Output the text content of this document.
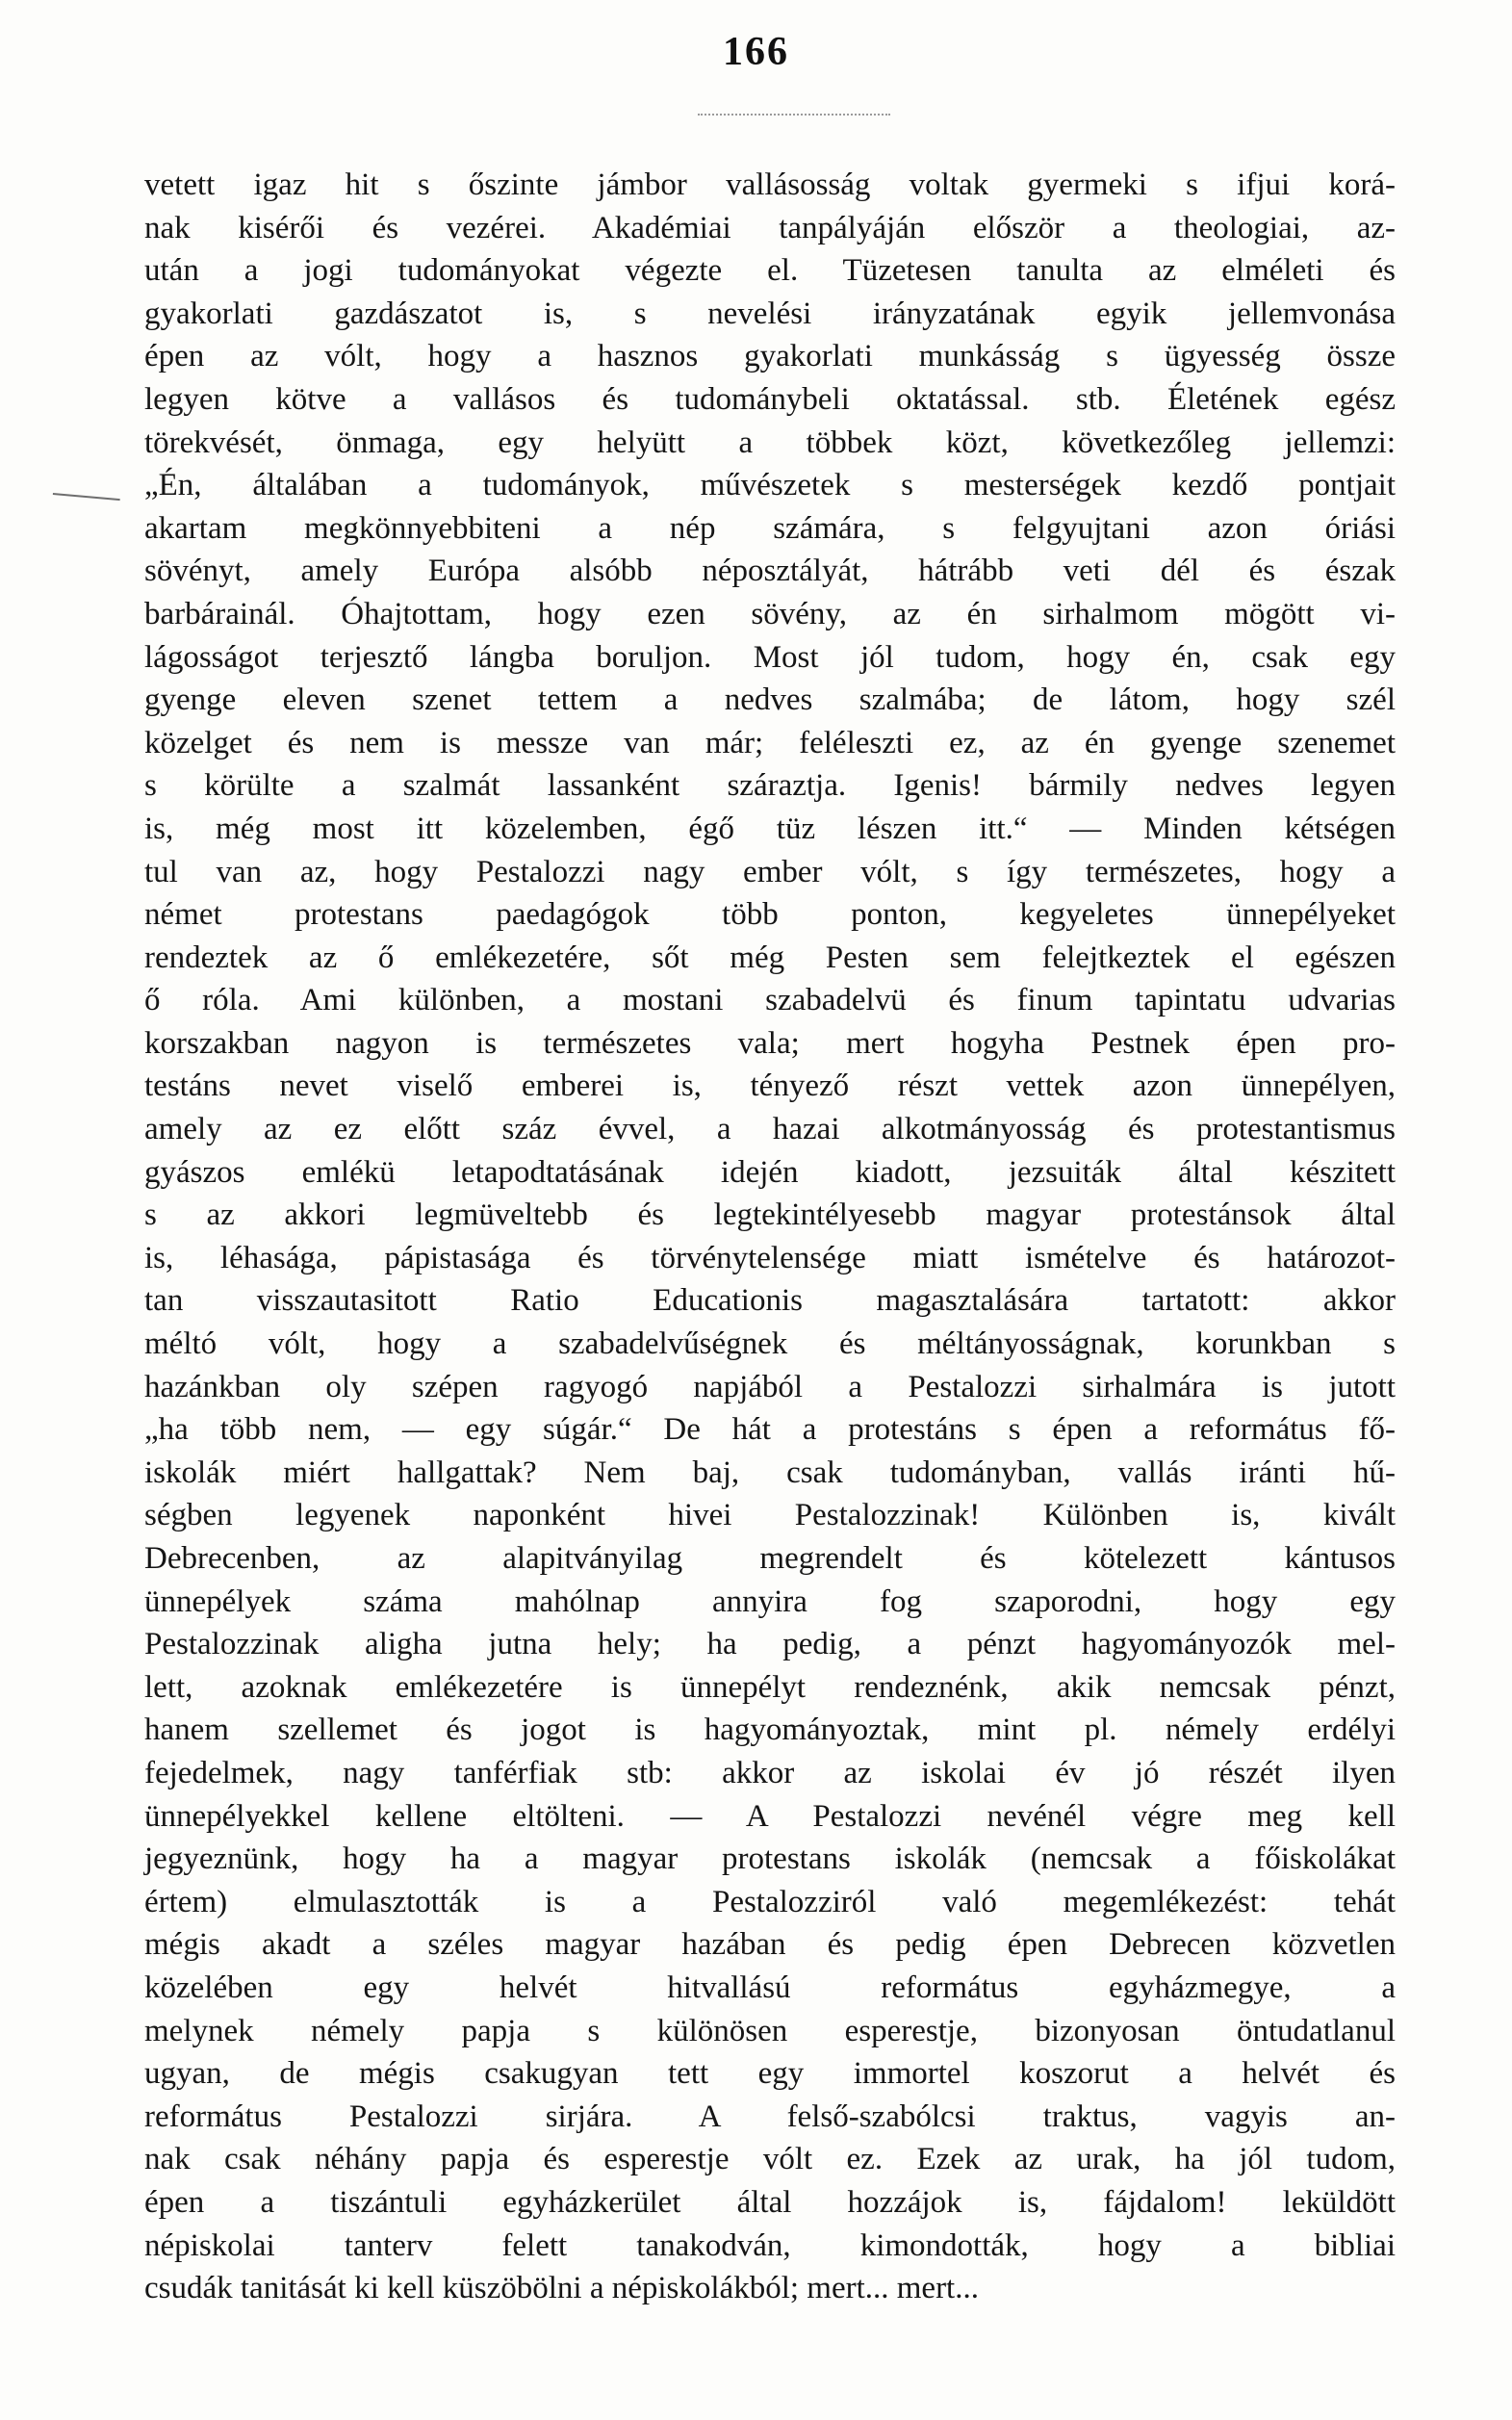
166
vetett igaz hit s őszinte jámbor vallásosság voltak gyermeki s ifjui korá-
nak kisérői és vezérei. Akadémiai tanpályáján először a theologiai, az-
után a jogi tudományokat végezte el. Tüzetesen tanulta az elméleti és
gyakorlati gazdászatot is, s nevelési irányzatának egyik jellemvonása
épen az vólt, hogy a hasznos gyakorlati munkásság s ügyesség össze
legyen kötve a vallásos és tudománybeli oktatással. stb. Életének egész
törekvését, önmaga, egy helyütt a többek közt, következőleg jellemzi:
„Én, általában a tudományok, művészetek s mesterségek kezdő pontjait
akartam megkönnyebbiteni a nép számára, s felgyujtani azon óriási
sövényt, amely Európa alsóbb néposztályát, hátrább veti dél és észak
barbárainál. Óhajtottam, hogy ezen sövény, az én sirhalmom mögött vi-
lágosságot terjesztő lángba boruljon. Most jól tudom, hogy én, csak egy
gyenge eleven szenet tettem a nedves szalmába; de látom, hogy szél
közelget és nem is messze van már; feléleszti ez, az én gyenge szenemet
s körülte a szalmát lassanként száraztja. Igenis! bármily nedves legyen
is, még most itt közelemben, égő tüz lészen itt.“ — Minden kétségen
tul van az, hogy Pestalozzi nagy ember vólt, s így természetes, hogy a
német protestans paedagógok több ponton, kegyeletes ünnepélyeket
rendeztek az ő emlékezetére, sőt még Pesten sem felejtkeztek el egészen
ő róla. Ami különben, a mostani szabadelvü és finum tapintatu udvarias
korszakban nagyon is természetes vala; mert hogyha Pestnek épen pro-
testáns nevet viselő emberei is, tényező részt vettek azon ünnepélyen,
amely az ez előtt száz évvel, a hazai alkotmányosság és protestantismus
gyászos emlékü letapodtatásának idején kiadott, jezsuiták által készitett
s az akkori legmüveltebb és legtekintélyesebb magyar protestánsok által
is, léhasága, pápistasága és törvénytelensége miatt ismételve és határozot-
tan visszautasitott Ratio Educationis magasztalására tartatott: akkor
méltó vólt, hogy a szabadelvűségnek és méltányosságnak, korunkban s
hazánkban oly szépen ragyogó napjából a Pestalozzi sirhalmára is jutott
„ha több nem, — egy súgár.“ De hát a protestáns s épen a református fő-
iskolák miért hallgattak? Nem baj, csak tudományban, vallás iránti hű-
ségben legyenek naponként hivei Pestalozzinak! Különben is, kivált
Debrecenben, az alapitványilag megrendelt és kötelezett kántusos
ünnepélyek száma mahólnap annyira fog szaporodni, hogy egy
Pestalozzinak aligha jutna hely; ha pedig, a pénzt hagyományozók mel-
lett, azoknak emlékezetére is ünnepélyt rendeznénk, akik nemcsak pénzt,
hanem szellemet és jogot is hagyományoztak, mint pl. némely erdélyi
fejedelmek, nagy tanférfiak stb: akkor az iskolai év jó részét ilyen
ünnepélyekkel kellene eltölteni. — A Pestalozzi nevénél végre meg kell
jegyeznünk, hogy ha a magyar protestans iskolák (nemcsak a főiskolákat
értem) elmulasztották is a Pestalozziról való megemlékezést: tehát
mégis akadt a széles magyar hazában és pedig épen Debrecen közvetlen
közelében egy helvét hitvallású református egyházmegye, a
melynek némely papja s különösen esperestje, bizonyosan öntudatlanul
ugyan, de mégis csakugyan tett egy immortel koszorut a helvét és
református Pestalozzi sirjára. A felső-szabólcsi traktus, vagyis an-
nak csak néhány papja és esperestje vólt ez. Ezek az urak, ha jól tudom,
épen a tiszántuli egyházkerület által hozzájok is, fájdalom! leküldött
népiskolai tanterv felett tanakodván, kimondották, hogy a bibliai
csudák tanitását ki kell küszöbölni a népiskolákból; mert... mert...
